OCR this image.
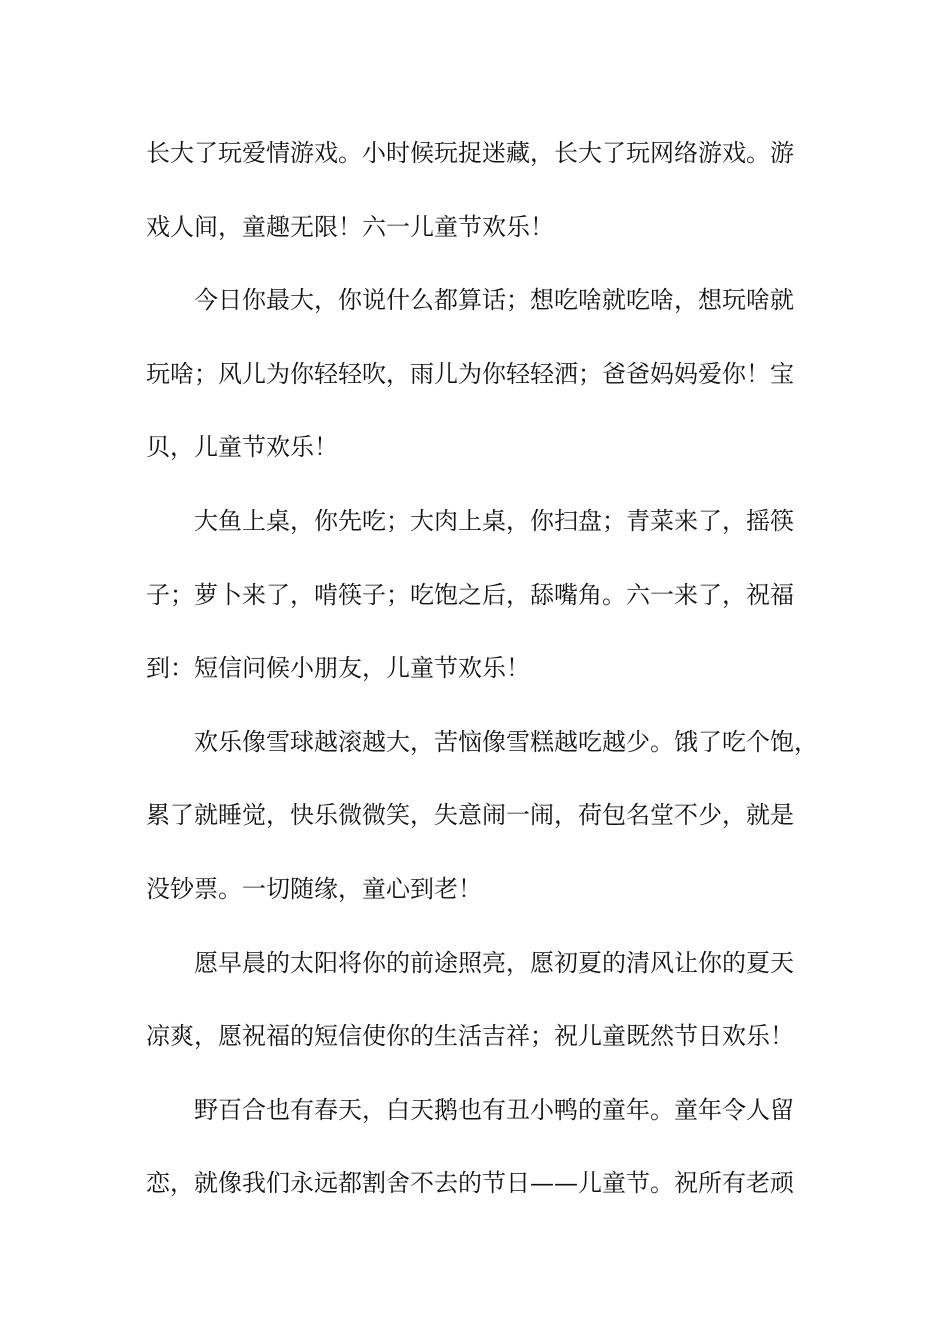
长大了玩爱情游戏。小时候玩捉迷藏，长大了玩网络游戏。游
戏人间，童趣无限！六一儿童节欢乐！
今日你最大，你说什么都算话；想吃啥就吃啥，想玩啥就
玩啥；风儿为你轻轻吹，雨儿为你轻轻洒；爸爸妈妈爱你！宝
贝，儿童节欢乐！
大鱼上桌，你先吃；大肉上桌，你扫盘；青菜来了，摇筷
子；萝卜来了，啃筷子；吃饱之后，舔嘴角。六一来了，祝福
到：短信问候小朋友，儿童节欢乐！
欢乐像雪球越滚越大，苦恼像雪糕越吃越少。饿了吃个饱，
累了就睡觉，快乐微微笑，失意闹一闹，荷包名堂不少，就是
没钞票。一切随缘，童心到老！
愿早晨的太阳将你的前途照亮，愿初夏的清风让你的夏天
凉爽，愿祝福的短信使你的生活吉祥；祝儿童既然节日欢乐！
野百合也有春天，白天鹅也有丑小鸭的童年。童年令人留
恋，就像我们永远都割舍不去的节日——儿童节。祝所有老顽
